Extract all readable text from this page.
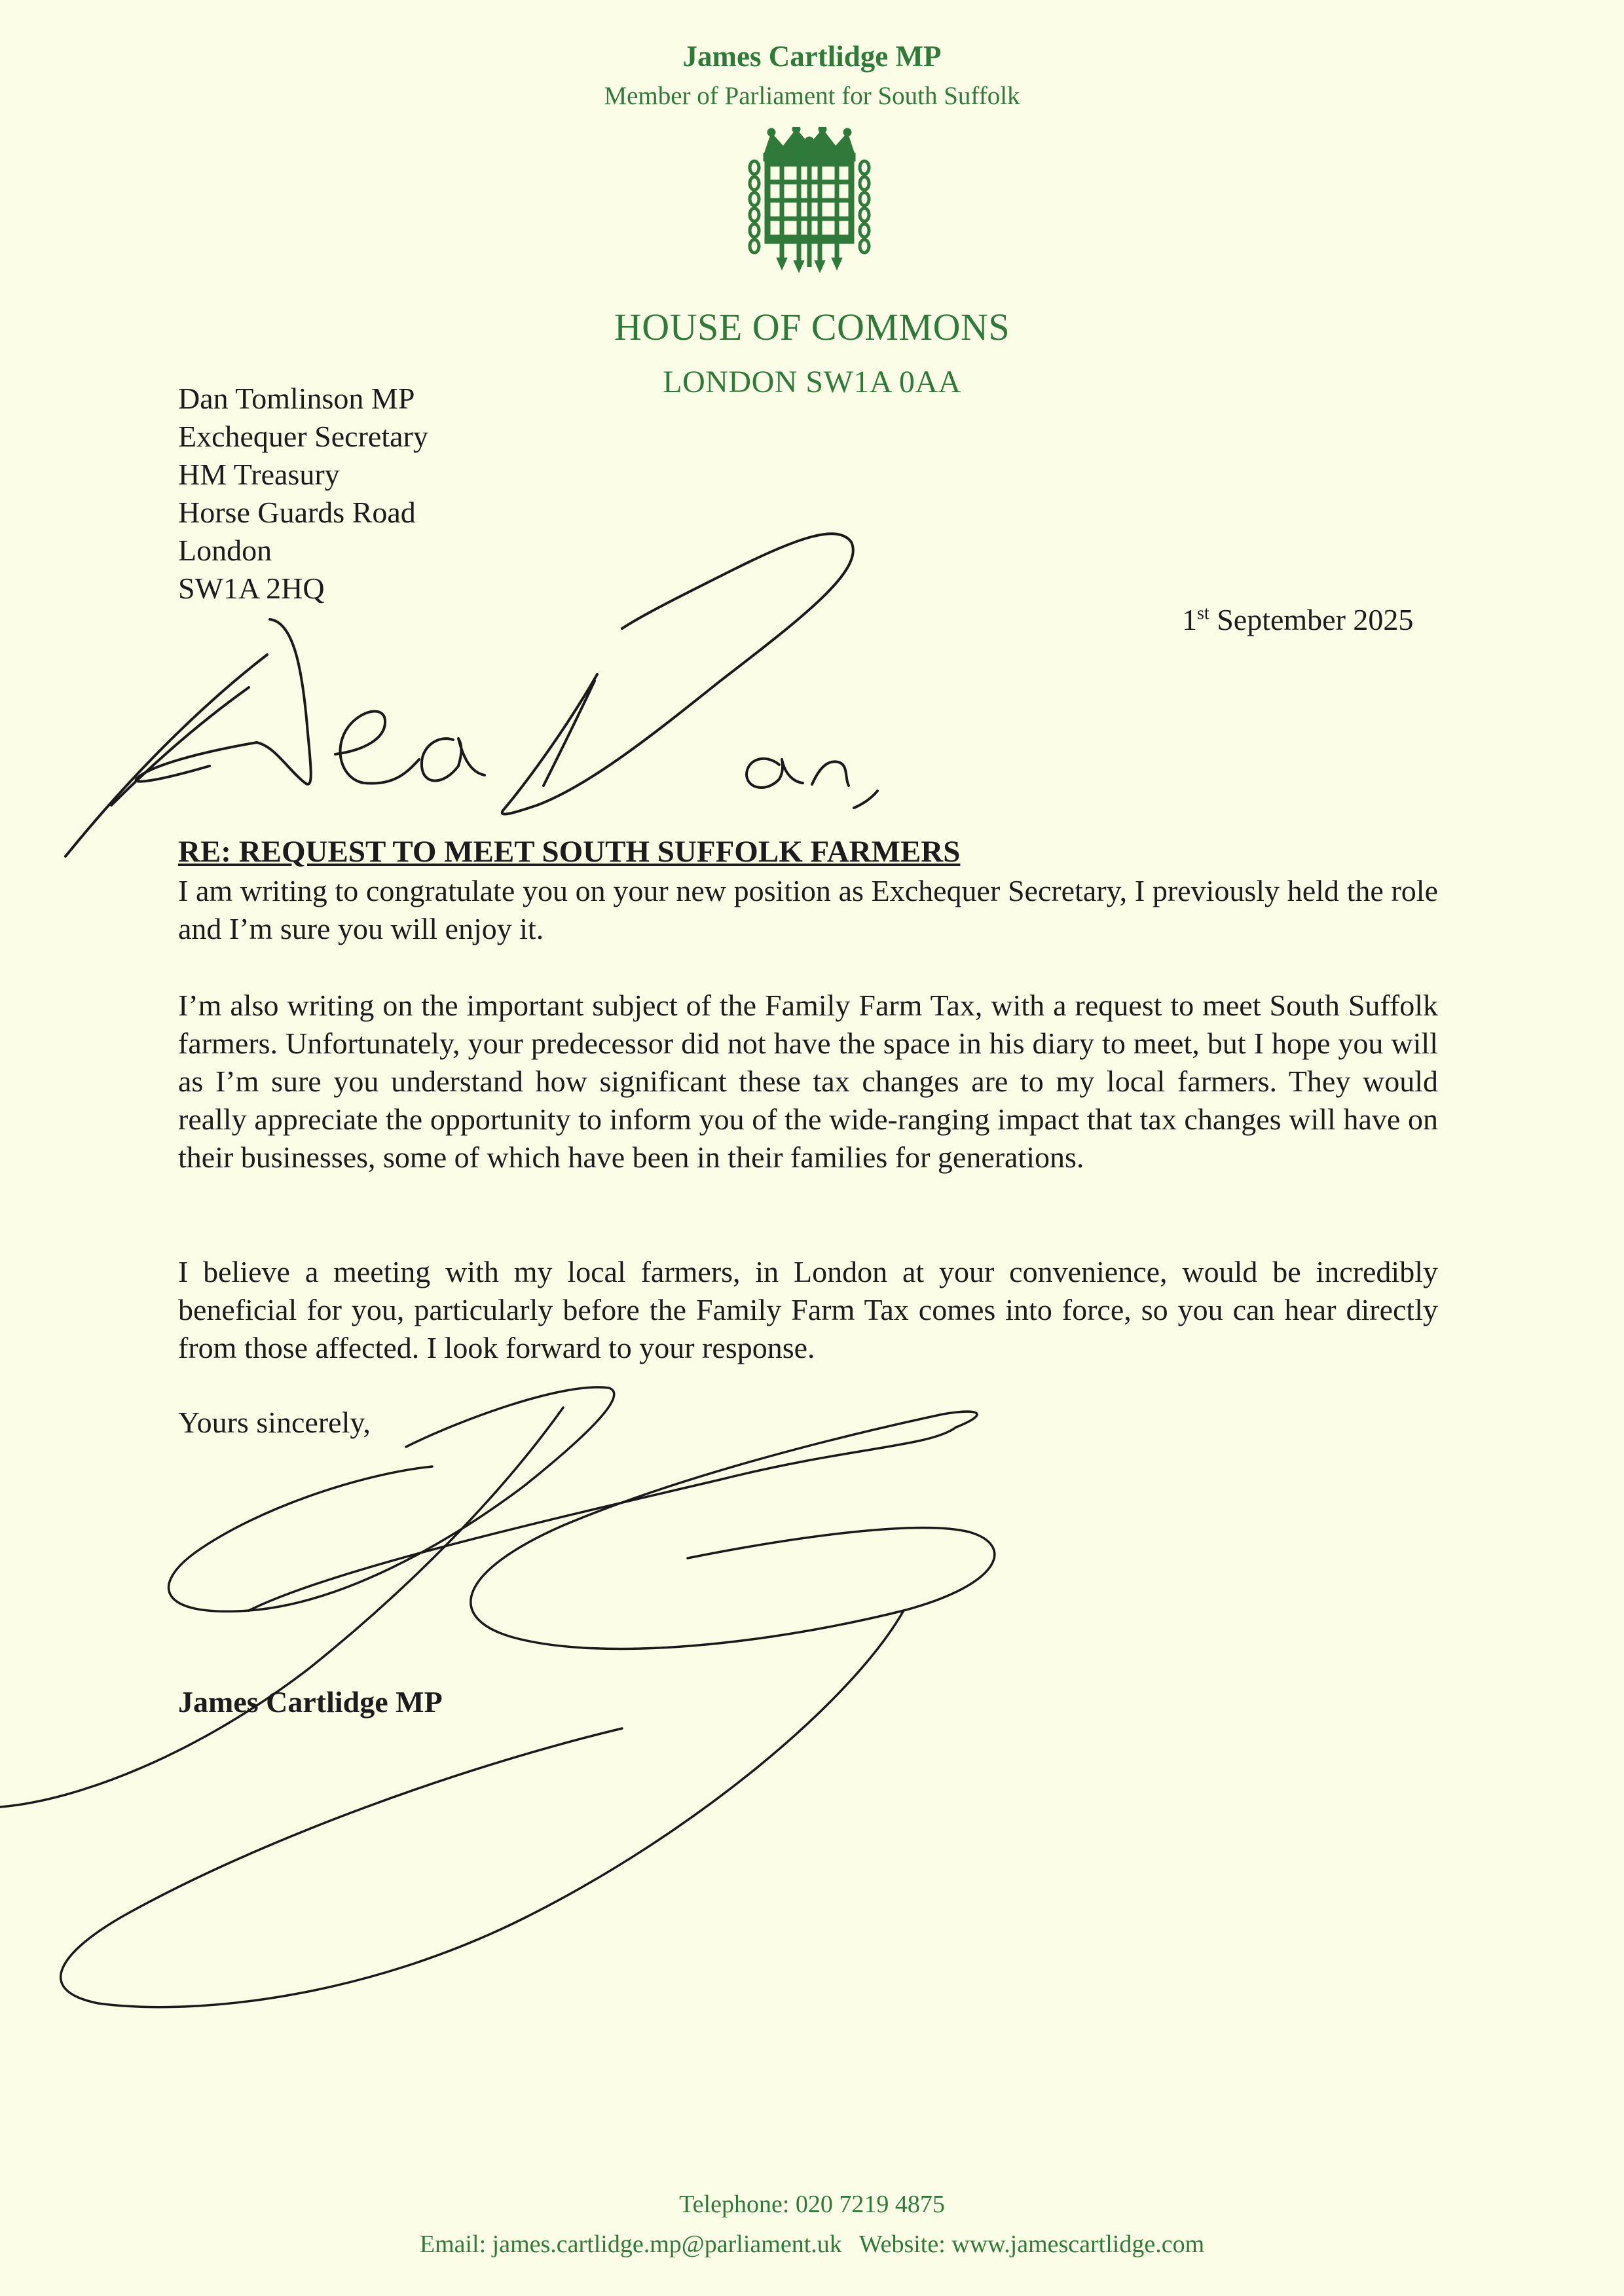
James Cartlidge MP
Member of Parliament for South Suffolk
HOUSE OF COMMONS
LONDON SW1A 0AA
Dan Tomlinson MP
Exchequer Secretary
HM Treasury
Horse Guards Road
London
SW1A 2HQ
1st September 2025
RE: REQUEST TO MEET SOUTH SUFFOLK FARMERS
I am writing to congratulate you on your new position as Exchequer Secretary, I previously held the role and I’m sure you will enjoy it.
I’m also writing on the important subject of the Family Farm Tax, with a request to meet South Suffolk farmers. Unfortunately, your predecessor did not have the space in his diary to meet, but I hope you will as I’m sure you understand how significant these tax changes are to my local farmers. They would really appreciate the opportunity to inform you of the wide-ranging impact that tax changes will have on their businesses, some of which have been in their families for generations.
I believe a meeting with my local farmers, in London at your convenience, would be incredibly beneficial for you, particularly before the Family Farm Tax comes into force, so you can hear directly from those affected. I look forward to your response.
Yours sincerely,
James Cartlidge MP
Telephone: 020 7219 4875
Email: james.cartlidge.mp@parliament.uk Website: www.jamescartlidge.com
